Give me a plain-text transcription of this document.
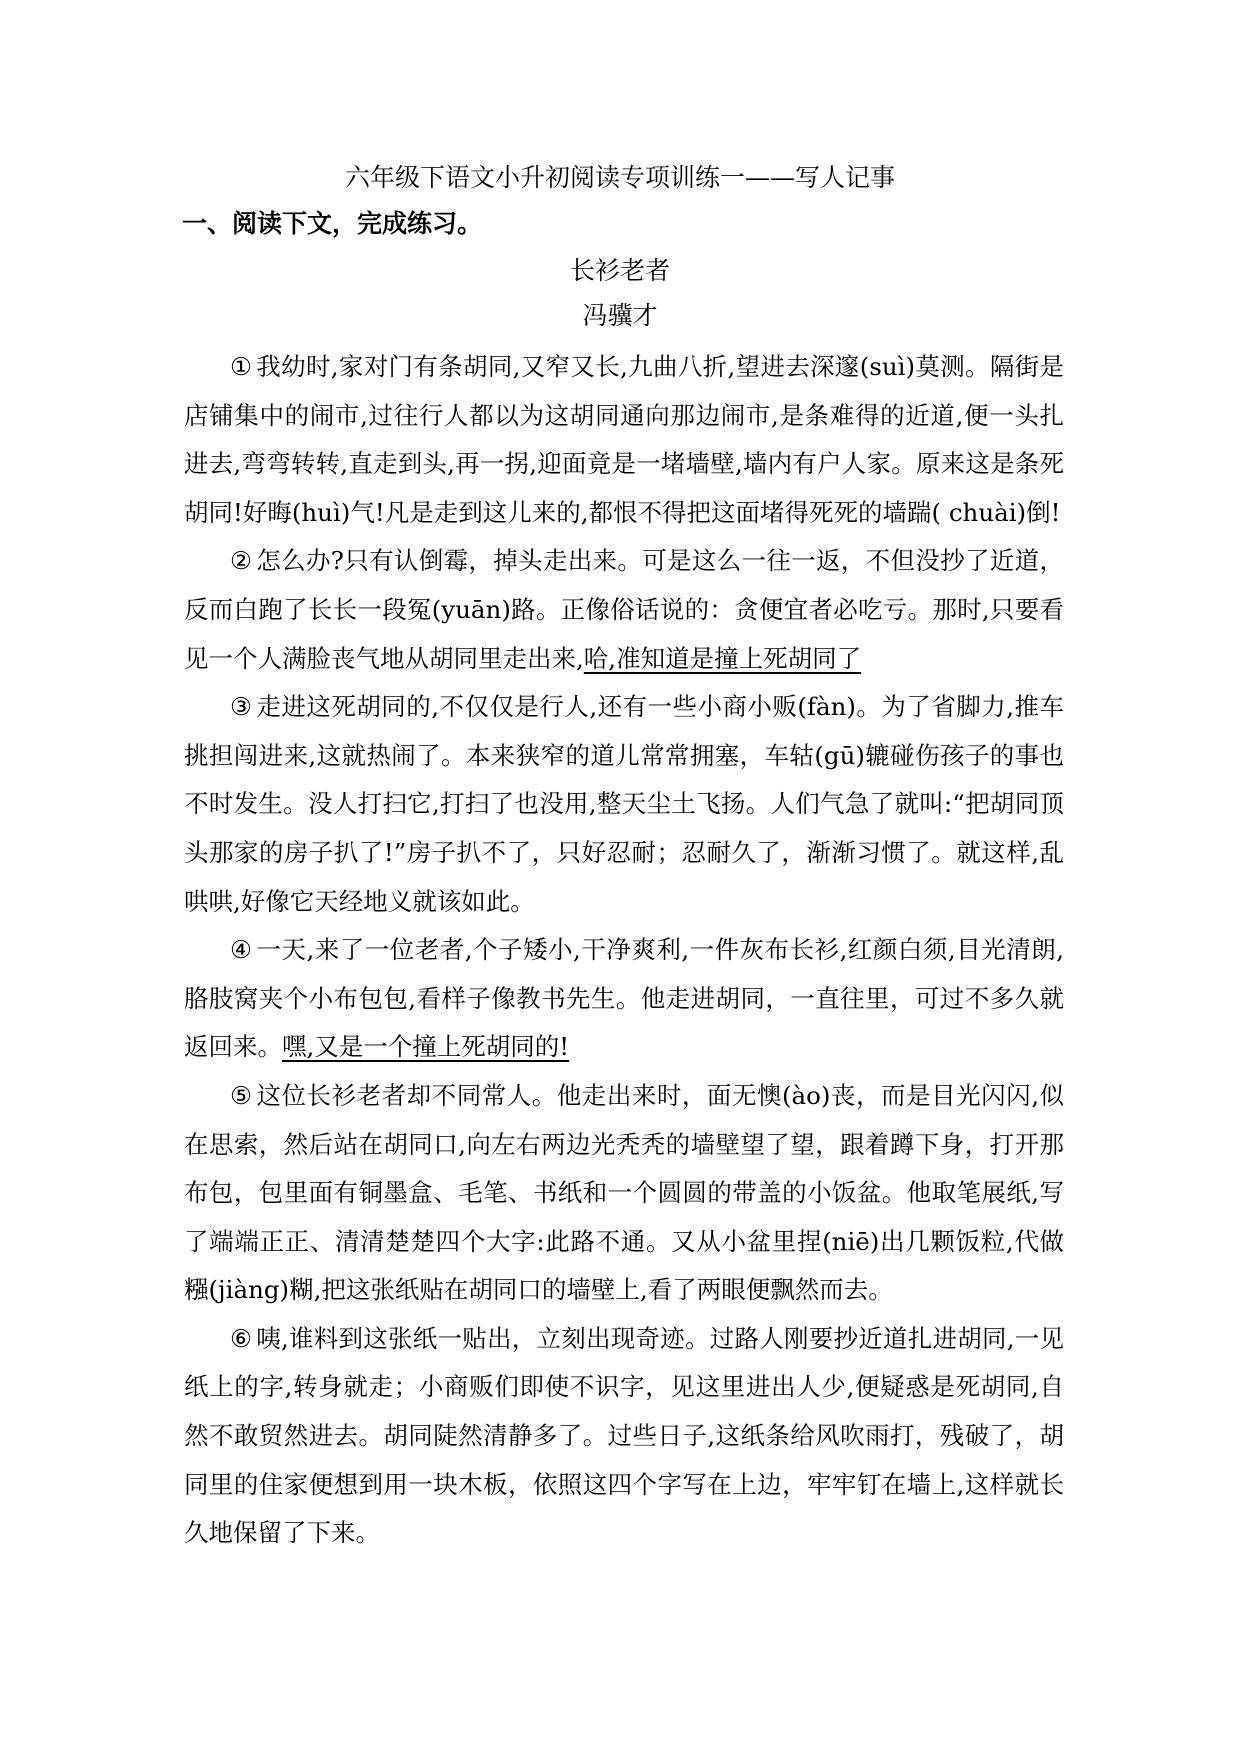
六年级下语文小升初阅读专项训练一——写人记事
一、阅读下文，完成练习。
长衫老者
冯骥才

① 我幼时,家对门有条胡同,又窄又长,九曲八折,望进去深邃(suì)莫测。隔街是店铺集中的闹市,过往行人都以为这胡同通向那边闹市,是条难得的近道,便一头扎进去,弯弯转转,直走到头,再一拐,迎面竟是一堵墙壁,墙内有户人家。原来这是条死胡同!好晦(huì)气!凡是走到这儿来的,都恨不得把这面堵得死死的墙踹( chuài)倒!

② 怎么办?只有认倒霉，掉头走出来。可是这么一往一返，不但没抄了近道，反而白跑了长长一段冤(yuān)路。正像俗话说的：贪便宜者必吃亏。那时,只要看见一个人满脸丧气地从胡同里走出来,哈,准知道是撞上死胡同了

③ 走进这死胡同的,不仅仅是行人,还有一些小商小贩(fàn)。为了省脚力,推车挑担闯进来,这就热闹了。本来狭窄的道儿常常拥塞，车轱(gū)辘碰伤孩子的事也不时发生。没人打扫它,打扫了也没用,整天尘土飞扬。人们气急了就叫:“把胡同顶头那家的房子扒了!”房子扒不了，只好忍耐；忍耐久了，渐渐习惯了。就这样,乱哄哄,好像它天经地义就该如此。

④ 一天,来了一位老者,个子矮小,干净爽利,一件灰布长衫,红颜白须,目光清朗,胳肢窝夹个小布包包,看样子像教书先生。他走进胡同，一直往里，可过不多久就返回来。嘿,又是一个撞上死胡同的!

⑤ 这位长衫老者却不同常人。他走出来时，面无懊(ào)丧，而是目光闪闪,似在思索，然后站在胡同口,向左右两边光秃秃的墙壁望了望，跟着蹲下身，打开那布包，包里面有铜墨盒、毛笔、书纸和一个圆圆的带盖的小饭盆。他取笔展纸,写了端端正正、清清楚楚四个大字:此路不通。又从小盆里捏(niē)出几颗饭粒,代做糨(jiàng)糊,把这张纸贴在胡同口的墙壁上,看了两眼便飘然而去。

⑥ 咦,谁料到这张纸一贴出，立刻出现奇迹。过路人刚要抄近道扎进胡同,一见纸上的字,转身就走；小商贩们即使不识字，见这里进出人少,便疑惑是死胡同,自然不敢贸然进去。胡同陡然清静多了。过些日子,这纸条给风吹雨打，残破了，胡同里的住家便想到用一块木板，依照这四个字写在上边，牢牢钉在墙上,这样就长久地保留了下来。
